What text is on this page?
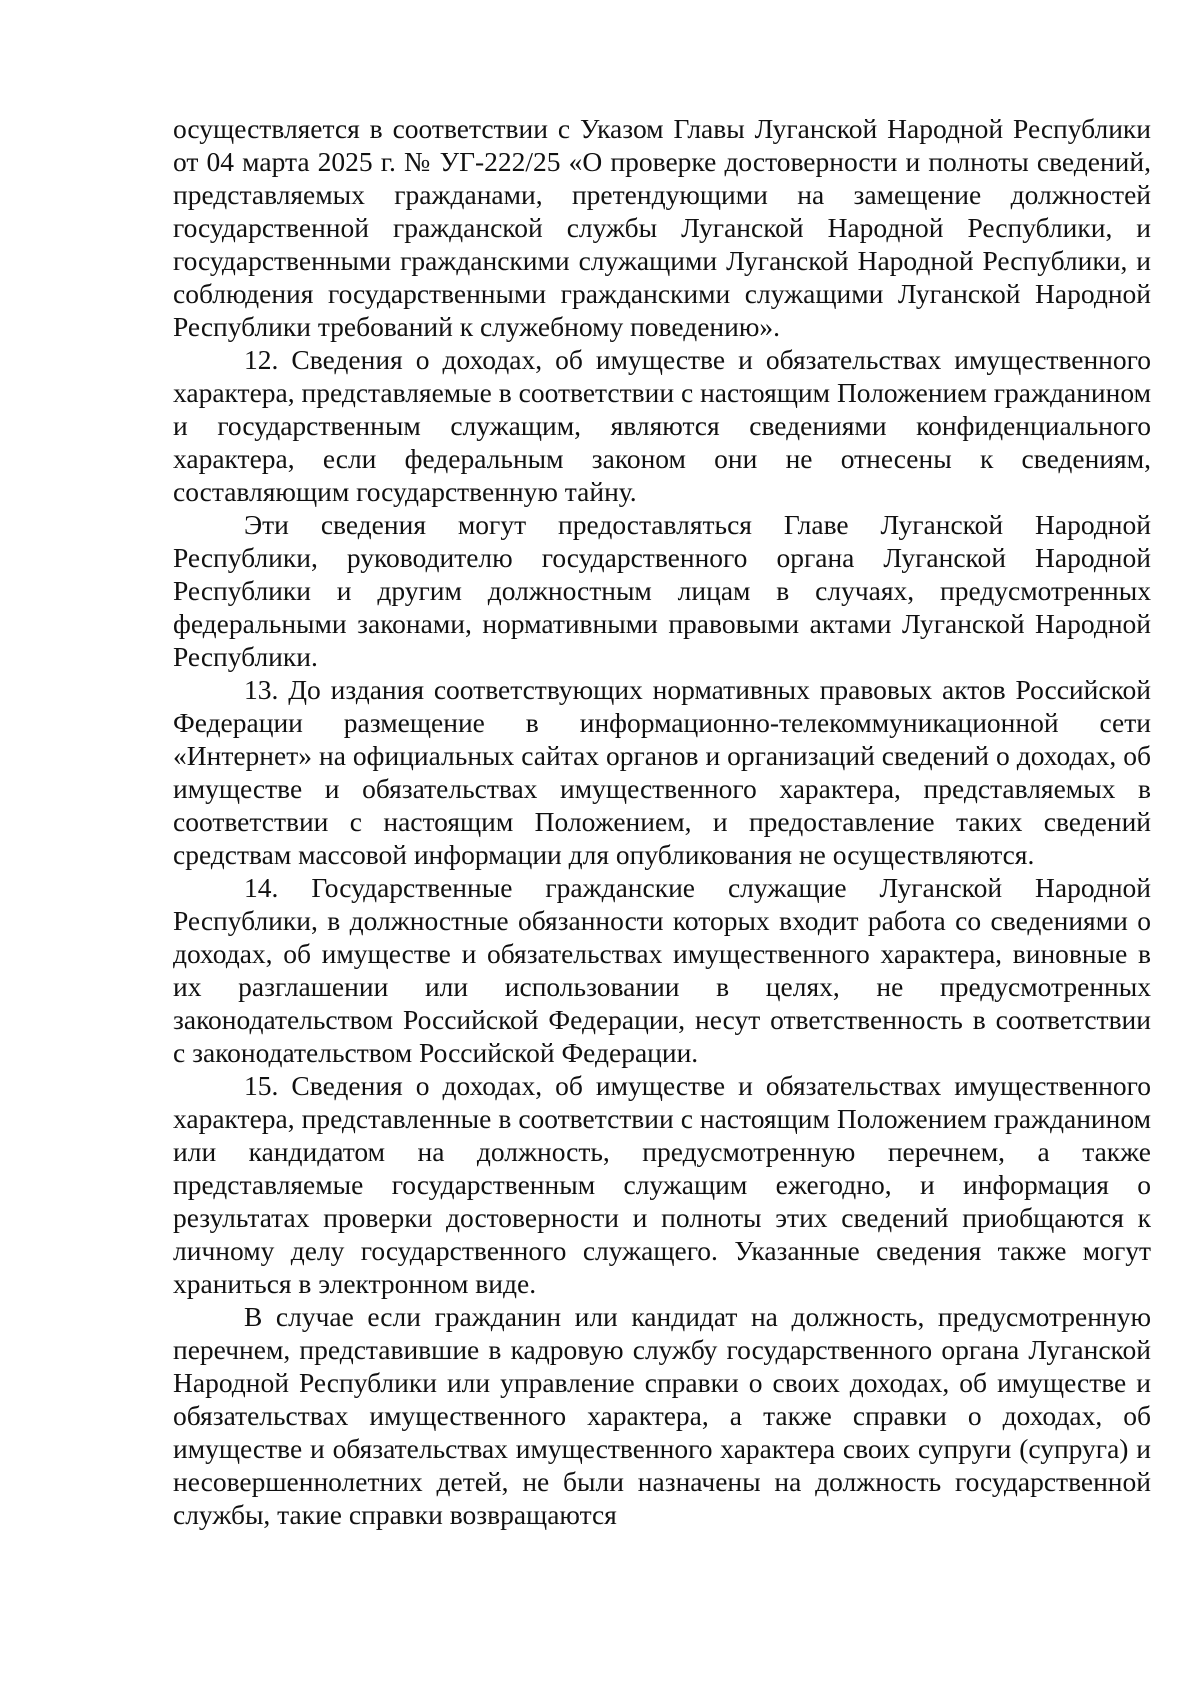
осуществляется в соответствии с Указом Главы Луганской Народной Республики от 04 марта 2025 г. № УГ-222/25 «О проверке достоверности и полноты сведений, представляемых гражданами, претендующими на замещение должностей государственной гражданской службы Луганской Народной Республики, и государственными гражданскими служащими Луганской Народной Республики, и соблюдения государственными гражданскими служащими Луганской Народной Республики требований к служебному поведению».

12. Сведения о доходах, об имуществе и обязательствах имущественного характера, представляемые в соответствии с настоящим Положением гражданином и государственным служащим, являются сведениями конфиденциального характера, если федеральным законом они не отнесены к сведениям, составляющим государственную тайну.

Эти сведения могут предоставляться Главе Луганской Народной Республики, руководителю государственного органа Луганской Народной Республики и другим должностным лицам в случаях, предусмотренных федеральными законами, нормативными правовыми актами Луганской Народной Республики.

13. До издания соответствующих нормативных правовых актов Российской Федерации размещение в информационно-телекоммуникационной сети «Интернет» на официальных сайтах органов и организаций сведений о доходах, об имуществе и обязательствах имущественного характера, представляемых в соответствии с настоящим Положением, и предоставление таких сведений средствам массовой информации для опубликования не осуществляются.

14. Государственные гражданские служащие Луганской Народной Республики, в должностные обязанности которых входит работа со сведениями о доходах, об имуществе и обязательствах имущественного характера, виновные в их разглашении или использовании в целях, не предусмотренных законодательством Российской Федерации, несут ответственность в соответствии с законодательством Российской Федерации.

15. Сведения о доходах, об имуществе и обязательствах имущественного характера, представленные в соответствии с настоящим Положением гражданином или кандидатом на должность, предусмотренную перечнем, а также представляемые государственным служащим ежегодно, и информация о результатах проверки достоверности и полноты этих сведений приобщаются к личному делу государственного служащего. Указанные сведения также могут храниться в электронном виде.

В случае если гражданин или кандидат на должность, предусмотренную перечнем, представившие в кадровую службу государственного органа Луганской Народной Республики или управление справки о своих доходах, об имуществе и обязательствах имущественного характера, а также справки о доходах, об имуществе и обязательствах имущественного характера своих супруги (супруга) и несовершеннолетних детей, не были назначены на должность государственной службы, такие справки возвращаются
